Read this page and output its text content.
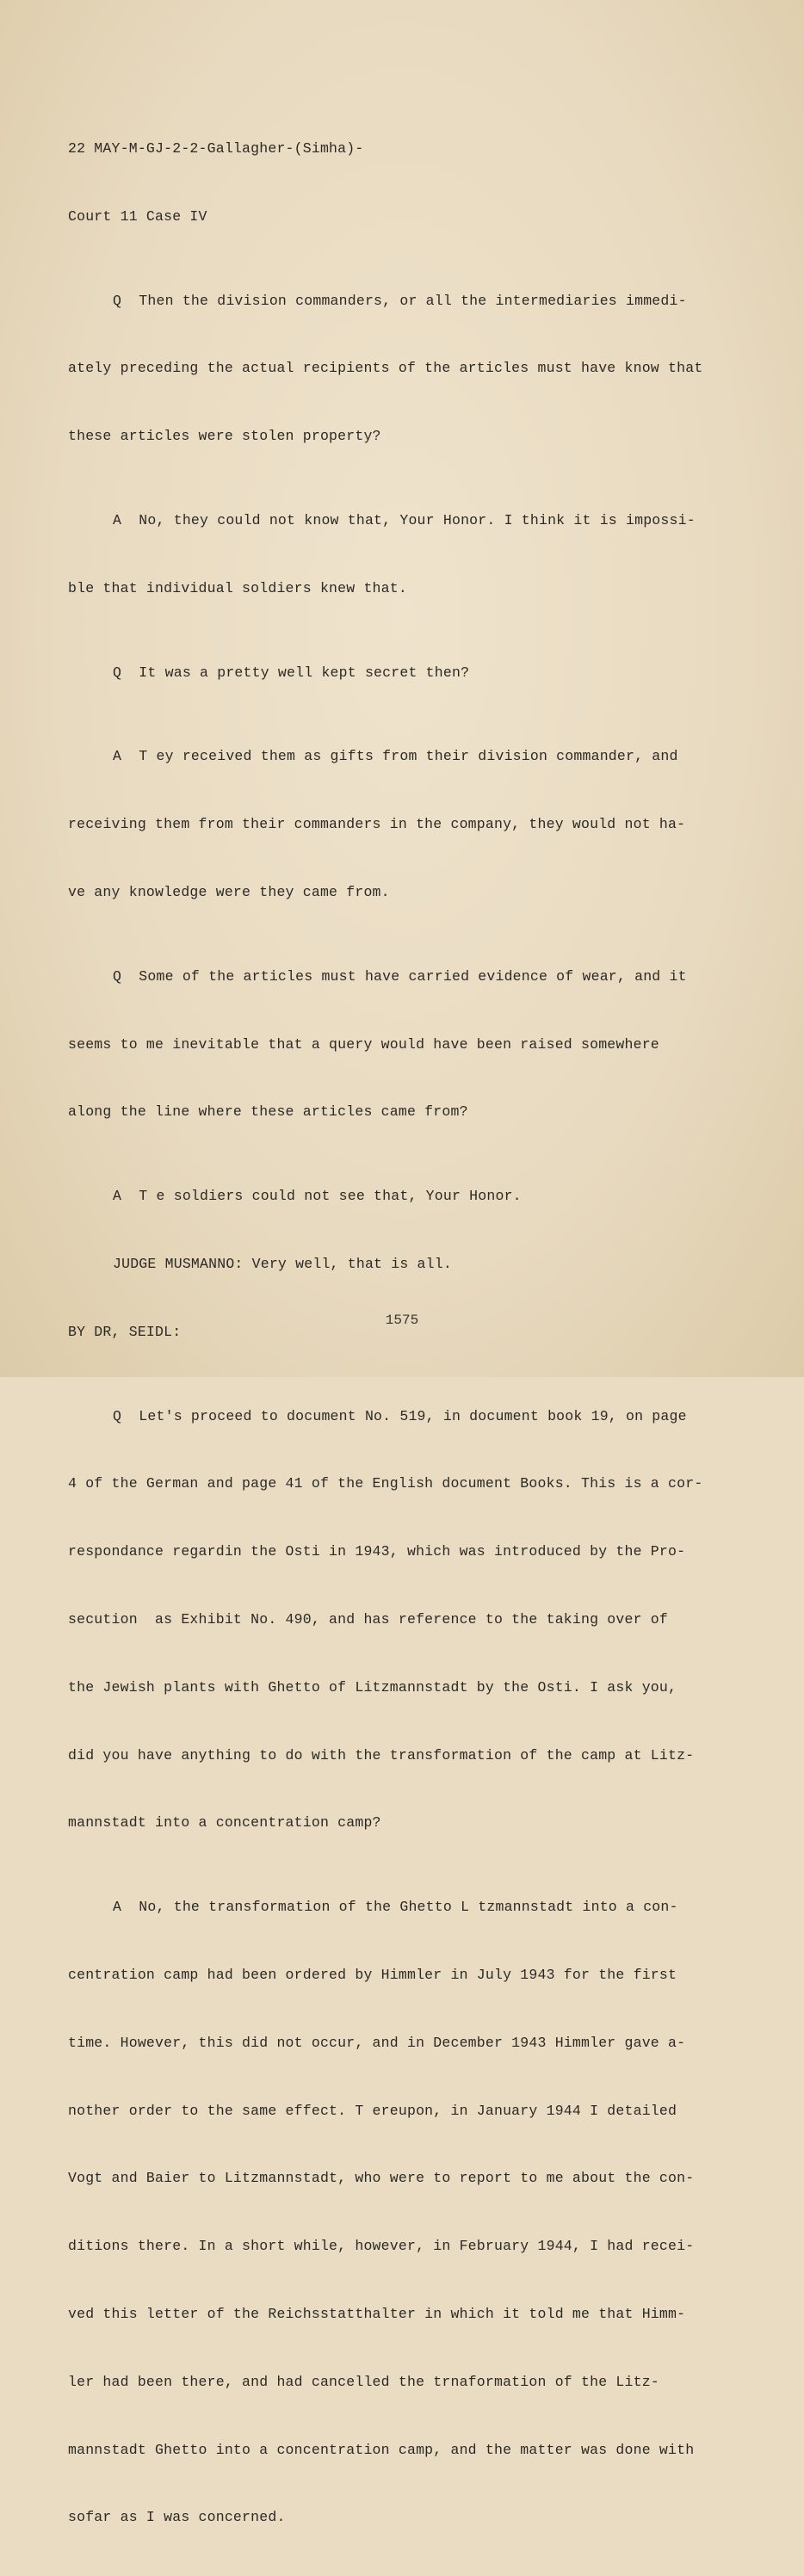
22 MAY-M-GJ-2-2-Gallagher-(Simha)-

Court 11 Case IV

Q  Then the division commanders, or all the intermediaries immedi-

ately preceding the actual recipients of the articles must have know that

these articles were stolen property?

A  No, they could not know that, Your Honor. I think it is impossi-

ble that individual soldiers knew that.

Q  It was a pretty well kept secret then?

A  T ey received them as gifts from their division commander, and

receiving them from their commanders in the company, they would not ha-

ve any knowledge were they came from.

Q  Some of the articles must have carried evidence of wear, and it

seems to me inevitable that a query would have been raised somewhere

along the line where these articles came from?

A  T e soldiers could not see that, Your Honor.

JUDGE MUSMANNO: Very well, that is all.

BY DR, SEIDL:

Q  Let's proceed to document No. 519, in document book 19, on page

4 of the German and page 41 of the English document Books. This is a cor-

respondance regardin the Osti in 1943, which was introduced by the Pro-

secution  as Exhibit No. 490, and has reference to the taking over of

the Jewish plants with Ghetto of Litzmannstadt by the Osti. I ask you,

did you have anything to do with the transformation of the camp at Litz-

mannstadt into a concentration camp?

A  No, the transformation of the Ghetto L tzmannstadt into a con-

centration camp had been ordered by Himmler in July 1943 for the first

time. However, this did not occur, and in December 1943 Himmler gave a-

nother order to the same effect. T ereupon, in January 1944 I detailed

Vogt and Baier to Litzmannstadt, who were to report to me about the con-

ditions there. In a short while, however, in February 1944, I had recei-

ved this letter of the Reichsstatthalter in which it told me that Himm-

ler had been there, and had cancelled the trnaformation of the Litz-

mannstadt Ghetto into a concentration camp, and the matter was done with

sofar as I was concerned.

1575
